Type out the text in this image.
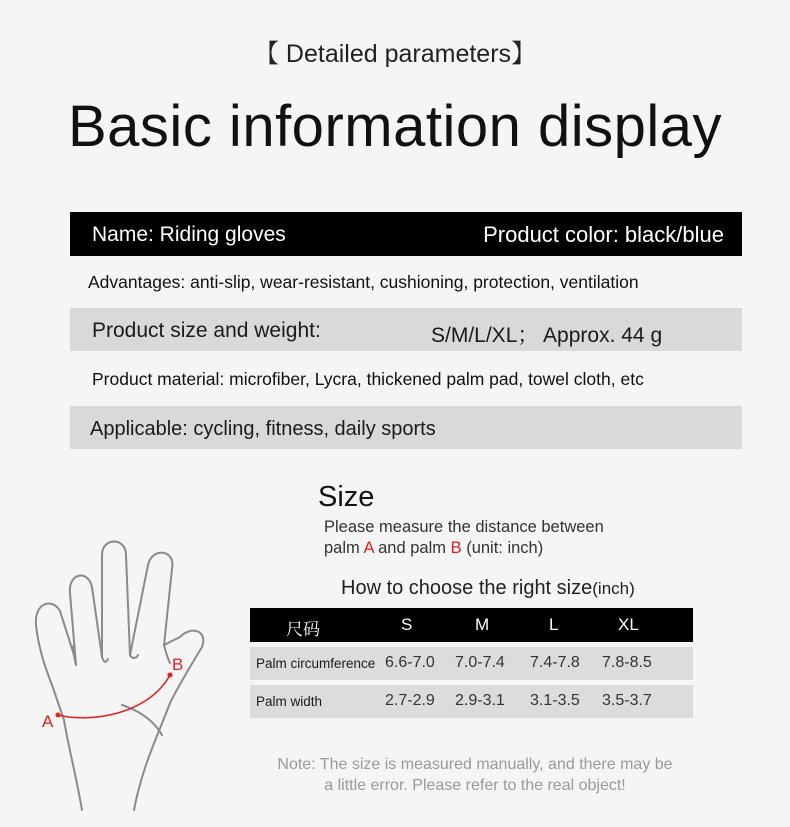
【 Detailed parameters】
Basic information display
Name: Riding gloves	Product color: black/blue
Advantages: anti-slip, wear-resistant, cushioning, protection, ventilation
Product size and weight:	S/M/L/XL； Approx. 44 g
Product material: microfiber, Lycra, thickened palm pad, towel cloth, etc
Applicable: cycling, fitness, daily sports
A
B
Size
Please measure the distance between
palm A and palm B (unit: inch)
How to choose the right size(inch)
尺码	S	M	L	XL
Palm circumference 6.6-7.0 7.0-7.4 7.4-7.8 7.8-8.5
Palm width	2.7-2.9 2.9-3.1 3.1-3.5 3.5-3.7
Note: The size is measured manually, and there may be
a little error. Please refer to the real object!
